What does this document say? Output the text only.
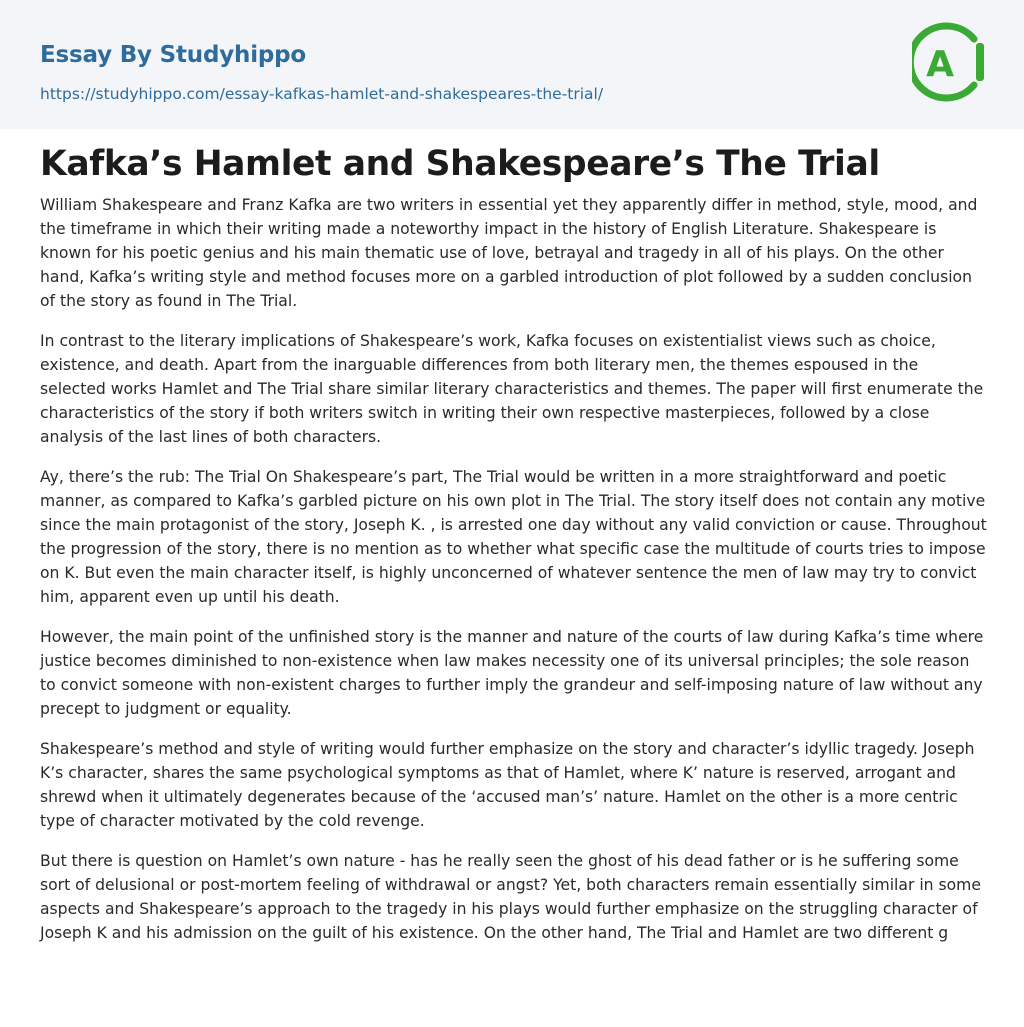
Essay By Studyhippo
https://studyhippo.com/essay-kafkas-hamlet-and-shakespeares-the-trial/
A
Kafka’s Hamlet and Shakespeare’s The Trial

William Shakespeare and Franz Kafka are two writers in essential yet they apparently differ in method, style, mood, and the timeframe in which their writing made a noteworthy impact in the history of English Literature. Shakespeare is known for his poetic genius and his main thematic use of love, betrayal and tragedy in all of his plays. On the other hand, Kafka’s writing style and method focuses more on a garbled introduction of plot followed by a sudden conclusion of the story as found in The Trial.

In contrast to the literary implications of Shakespeare’s work, Kafka focuses on existentialist views such as choice, existence, and death. Apart from the inarguable differences from both literary men, the themes espoused in the selected works Hamlet and The Trial share similar literary characteristics and themes. The paper will first enumerate the characteristics of the story if both writers switch in writing their own respective masterpieces, followed by a close analysis of the last lines of both characters.

Ay, there’s the rub: The Trial On Shakespeare’s part, The Trial would be written in a more straightforward and poetic manner, as compared to Kafka’s garbled picture on his own plot in The Trial. The story itself does not contain any motive since the main protagonist of the story, Joseph K. , is arrested one day without any valid conviction or cause. Throughout the progression of the story, there is no mention as to whether what specific case the multitude of courts tries to impose on K. But even the main character itself, is highly unconcerned of whatever sentence the men of law may try to convict him, apparent even up until his death.

However, the main point of the unfinished story is the manner and nature of the courts of law during Kafka’s time where justice becomes diminished to non-existence when law makes necessity one of its universal principles; the sole reason to convict someone with non-existent charges to further imply the grandeur and self-imposing nature of law without any precept to judgment or equality.

Shakespeare’s method and style of writing would further emphasize on the story and character’s idyllic tragedy. Joseph K’s character, shares the same psychological symptoms as that of Hamlet, where K’ nature is reserved, arrogant and shrewd when it ultimately degenerates because of the ‘accused man’s’ nature. Hamlet on the other is a more centric type of character motivated by the cold revenge.

But there is question on Hamlet’s own nature - has he really seen the ghost of his dead father or is he suffering some sort of delusional or post-mortem feeling of withdrawal or angst? Yet, both characters remain essentially similar in some aspects and Shakespeare’s approach to the tragedy in his plays would further emphasize on the struggling character of Joseph K and his admission on the guilt of his existence. On the other hand, The Trial and Hamlet are two different g
